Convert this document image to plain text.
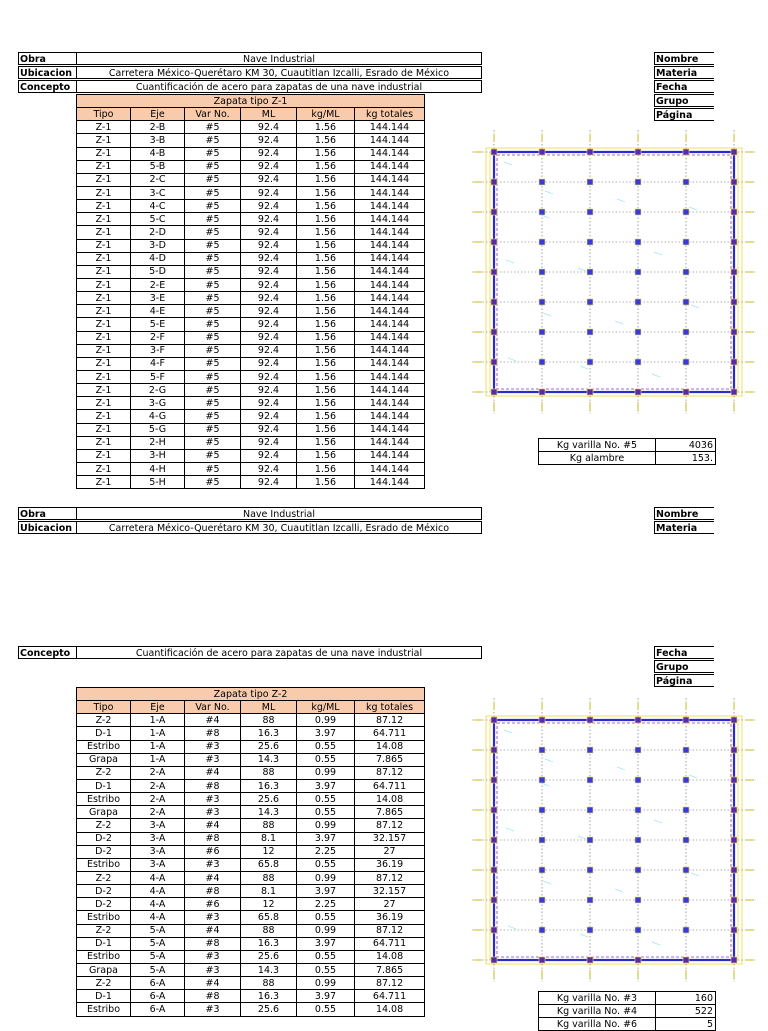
Obra	Nave Industrial
Ubicacion	Carretera México-Querétaro KM 30, Cuautitlan Izcalli, Esrado de México
Concepto	Cuantificación de acero para zapatas de una nave industrial
Nombre
Materia
Fecha
Grupo
Página
Zapata tipo Z-1					
Tipo	Eje	Var No.	ML	kg/ML	kg totales
Z-1	2-B	#5	92.4	1.56	144.144
Z-1	3-B	#5	92.4	1.56	144.144
Z-1	4-B	#5	92.4	1.56	144.144
Z-1	5-B	#5	92.4	1.56	144.144
Z-1	2-C	#5	92.4	1.56	144.144
Z-1	3-C	#5	92.4	1.56	144.144
Z-1	4-C	#5	92.4	1.56	144.144
Z-1	5-C	#5	92.4	1.56	144.144
Z-1	2-D	#5	92.4	1.56	144.144
Z-1	3-D	#5	92.4	1.56	144.144
Z-1	4-D	#5	92.4	1.56	144.144
Z-1	5-D	#5	92.4	1.56	144.144
Z-1	2-E	#5	92.4	1.56	144.144
Z-1	3-E	#5	92.4	1.56	144.144
Z-1	4-E	#5	92.4	1.56	144.144
Z-1	5-E	#5	92.4	1.56	144.144
Z-1	2-F	#5	92.4	1.56	144.144
Z-1	3-F	#5	92.4	1.56	144.144
Z-1	4-F	#5	92.4	1.56	144.144
Z-1	5-F	#5	92.4	1.56	144.144
Z-1	2-G	#5	92.4	1.56	144.144
Z-1	3-G	#5	92.4	1.56	144.144
Z-1	4-G	#5	92.4	1.56	144.144
Z-1	5-G	#5	92.4	1.56	144.144
Z-1	2-H	#5	92.4	1.56	144.144
Z-1	3-H	#5	92.4	1.56	144.144
Z-1	4-H	#5	92.4	1.56	144.144
Z-1	5-H	#5	92.4	1.56	144.144
Kg varilla No. #5	4036
Kg alambre	153.
Obra	Nave Industrial
Ubicacion	Carretera México-Querétaro KM 30, Cuautitlan Izcalli, Esrado de México
Nombre
Materia
Concepto	Cuantificación de acero para zapatas de una nave industrial	Fecha
Grupo
Página
Zapata tipo Z-2					
Tipo	Eje	Var No.	ML	kg/ML	kg totales
Z-2	1-A	#4	88	0.99	87.12
D-1	1-A	#8	16.3	3.97	64.711
Estribo	1-A	#3	25.6	0.55	14.08
Grapa	1-A	#3	14.3	0.55	7.865
Z-2	2-A	#4	88	0.99	87.12
D-1	2-A	#8	16.3	3.97	64.711
Estribo	2-A	#3	25.6	0.55	14.08
Grapa	2-A	#3	14.3	0.55	7.865
Z-2	3-A	#4	88	0.99	87.12
D-2	3-A	#8	8.1	3.97	32.157
D-2	3-A	#6	12	2.25	27
Estribo	3-A	#3	65.8	0.55	36.19
Z-2	4-A	#4	88	0.99	87.12
D-2	4-A	#8	8.1	3.97	32.157
D-2	4-A	#6	12	2.25	27
Estribo	4-A	#3	65.8	0.55	36.19
Z-2	5-A	#4	88	0.99	87.12
D-1	5-A	#8	16.3	3.97	64.711
Estribo	5-A	#3	25.6	0.55	14.08
Grapa	5-A	#3	14.3	0.55	7.865
Z-2	6-A	#4	88	0.99	87.12
D-1	6-A	#8	16.3	3.97	64.711
Estribo	6-A	#3	25.6	0.55	14.08
Kg varilla No. #3	160
Kg varilla No. #4	522
Kg varilla No. #6	5
